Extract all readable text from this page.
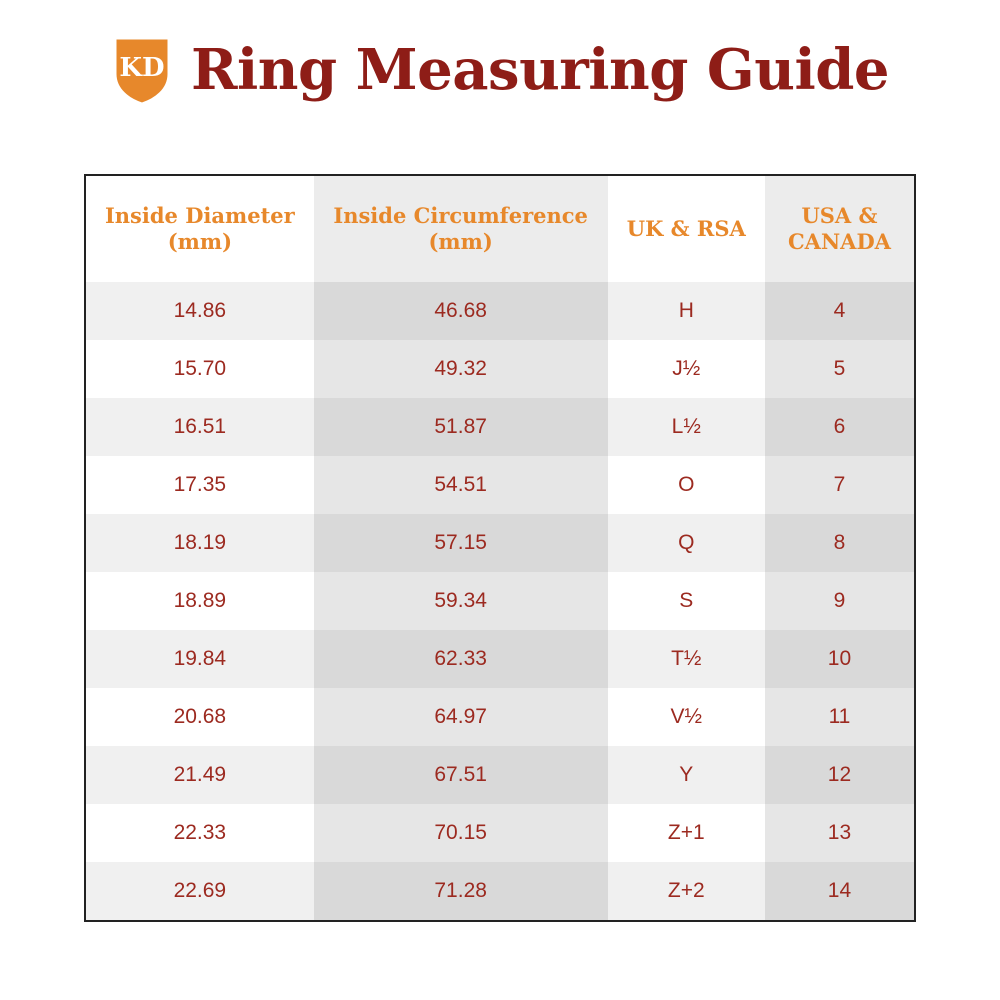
KD Ring Measuring Guide
Inside Diameter (mm)	Inside Circumference (mm)	UK & RSA	USA & CANADA
14.86	46.68	H	4
15.70	49.32	J½	5
16.51	51.87	L½	6
17.35	54.51	O	7
18.19	57.15	Q	8
18.89	59.34	S	9
19.84	62.33	T½	10
20.68	64.97	V½	11
21.49	67.51	Y	12
22.33	70.15	Z+1	13
22.69	71.28	Z+2	14
